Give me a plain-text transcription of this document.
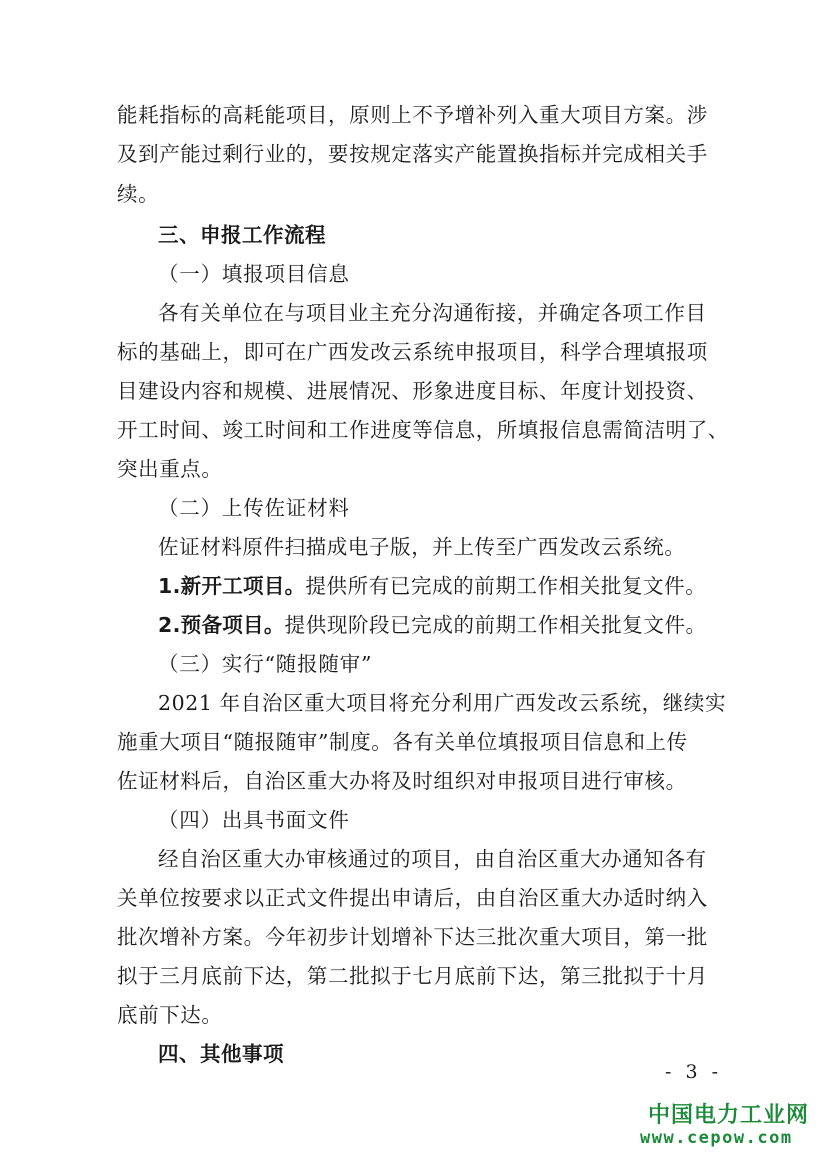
能耗指标的高耗能项目，原则上不予增补列入重大项目方案。涉
及到产能过剩行业的，要按规定落实产能置换指标并完成相关手
续。
三、申报工作流程
（一）填报项目信息
各有关单位在与项目业主充分沟通衔接，并确定各项工作目
标的基础上，即可在广西发改云系统申报项目，科学合理填报项
目建设内容和规模、进展情况、形象进度目标、年度计划投资、
开工时间、竣工时间和工作进度等信息，所填报信息需简洁明了、
突出重点。
（二）上传佐证材料
佐证材料原件扫描成电子版，并上传至广西发改云系统。
1.新开工项目。提供所有已完成的前期工作相关批复文件。
2.预备项目。提供现阶段已完成的前期工作相关批复文件。
（三）实行“随报随审”
2021 年自治区重大项目将充分利用广西发改云系统，继续实
施重大项目“随报随审”制度。各有关单位填报项目信息和上传
佐证材料后，自治区重大办将及时组织对申报项目进行审核。
（四）出具书面文件
经自治区重大办审核通过的项目，由自治区重大办通知各有
关单位按要求以正式文件提出申请后，由自治区重大办适时纳入
批次增补方案。今年初步计划增补下达三批次重大项目，第一批
拟于三月底前下达，第二批拟于七月底前下达，第三批拟于十月
底前下达。
四、其他事项
- 3 -
中国电力工业网
www.cepow.com
